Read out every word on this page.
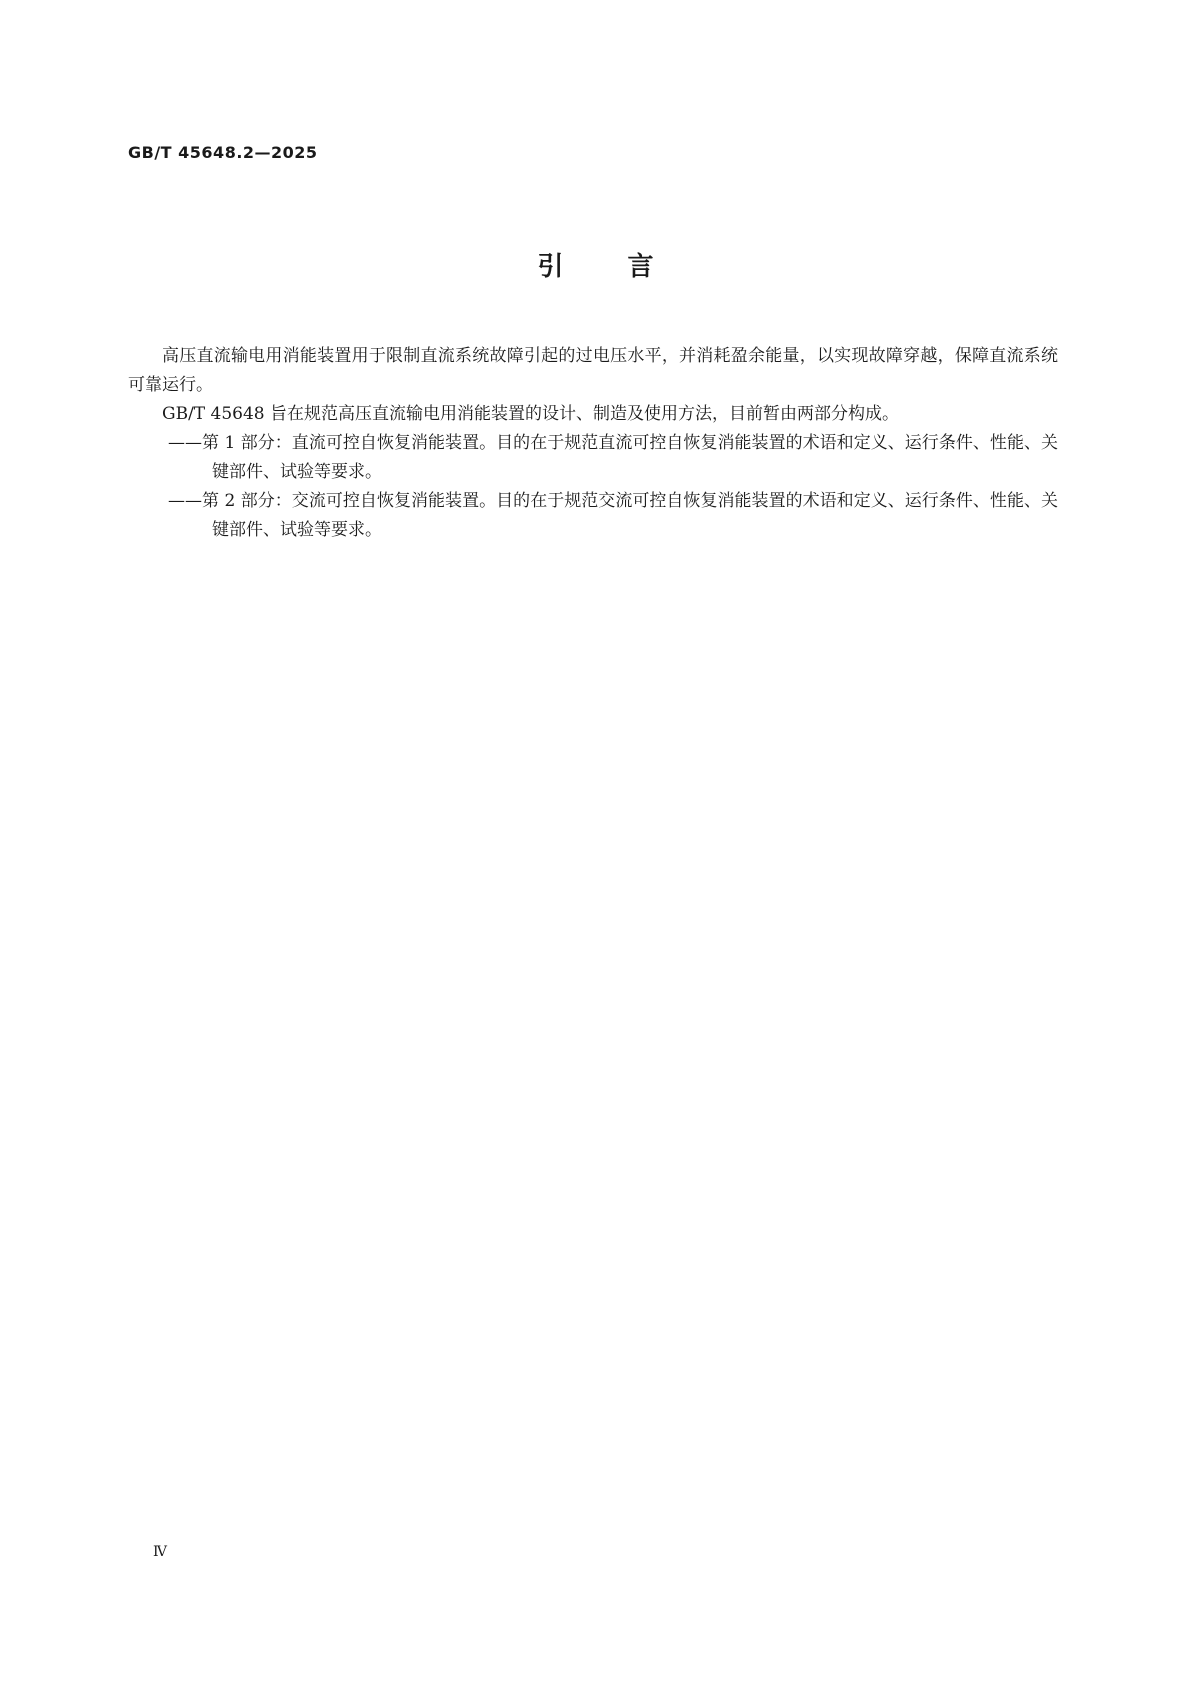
GB/T 45648.2—2025
引 言

高压直流输电用消能装置用于限制直流系统故障引起的过电压水平，并消耗盈余能量，以实现故障穿越，保障直流系统可靠运行。

GB/T 45648 旨在规范高压直流输电用消能装置的设计、制造及使用方法，目前暂由两部分构成。

——第 1 部分：直流可控自恢复消能装置。目的在于规范直流可控自恢复消能装置的术语和定义、运行条件、性能、关键部件、试验等要求。

——第 2 部分：交流可控自恢复消能装置。目的在于规范交流可控自恢复消能装置的术语和定义、运行条件、性能、关键部件、试验等要求。

Ⅳ
